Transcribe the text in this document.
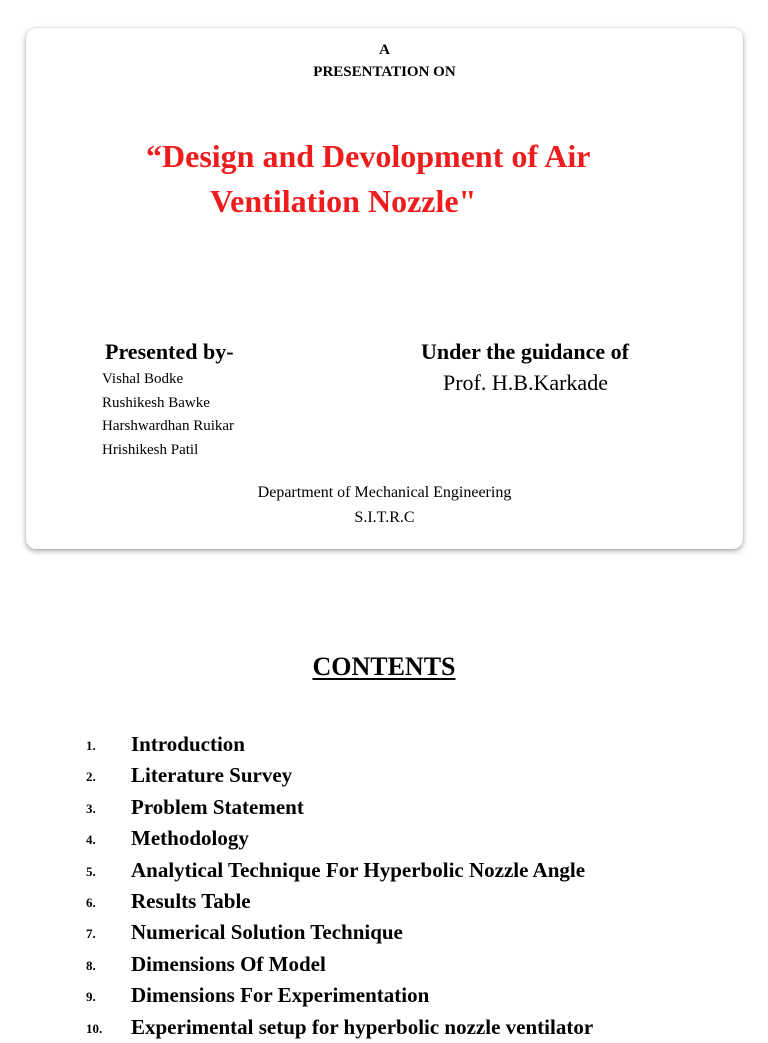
A
PRESENTATION ON
“Design and Devolopment of Air
Ventilation Nozzle"
Presented by-
Vishal Bodke
Rushikesh Bawke
Harshwardhan Ruikar
Hrishikesh Patil
Under the guidance of
Prof. H.B.Karkade
Department of Mechanical Engineering
S.I.T.R.C
CONTENTS
1. Introduction
2. Literature Survey
3. Problem Statement
4. Methodology
5. Analytical Technique For Hyperbolic Nozzle Angle
6. Results Table
7. Numerical Solution Technique
8. Dimensions Of Model
9. Dimensions For Experimentation
10. Experimental setup for hyperbolic nozzle ventilator
